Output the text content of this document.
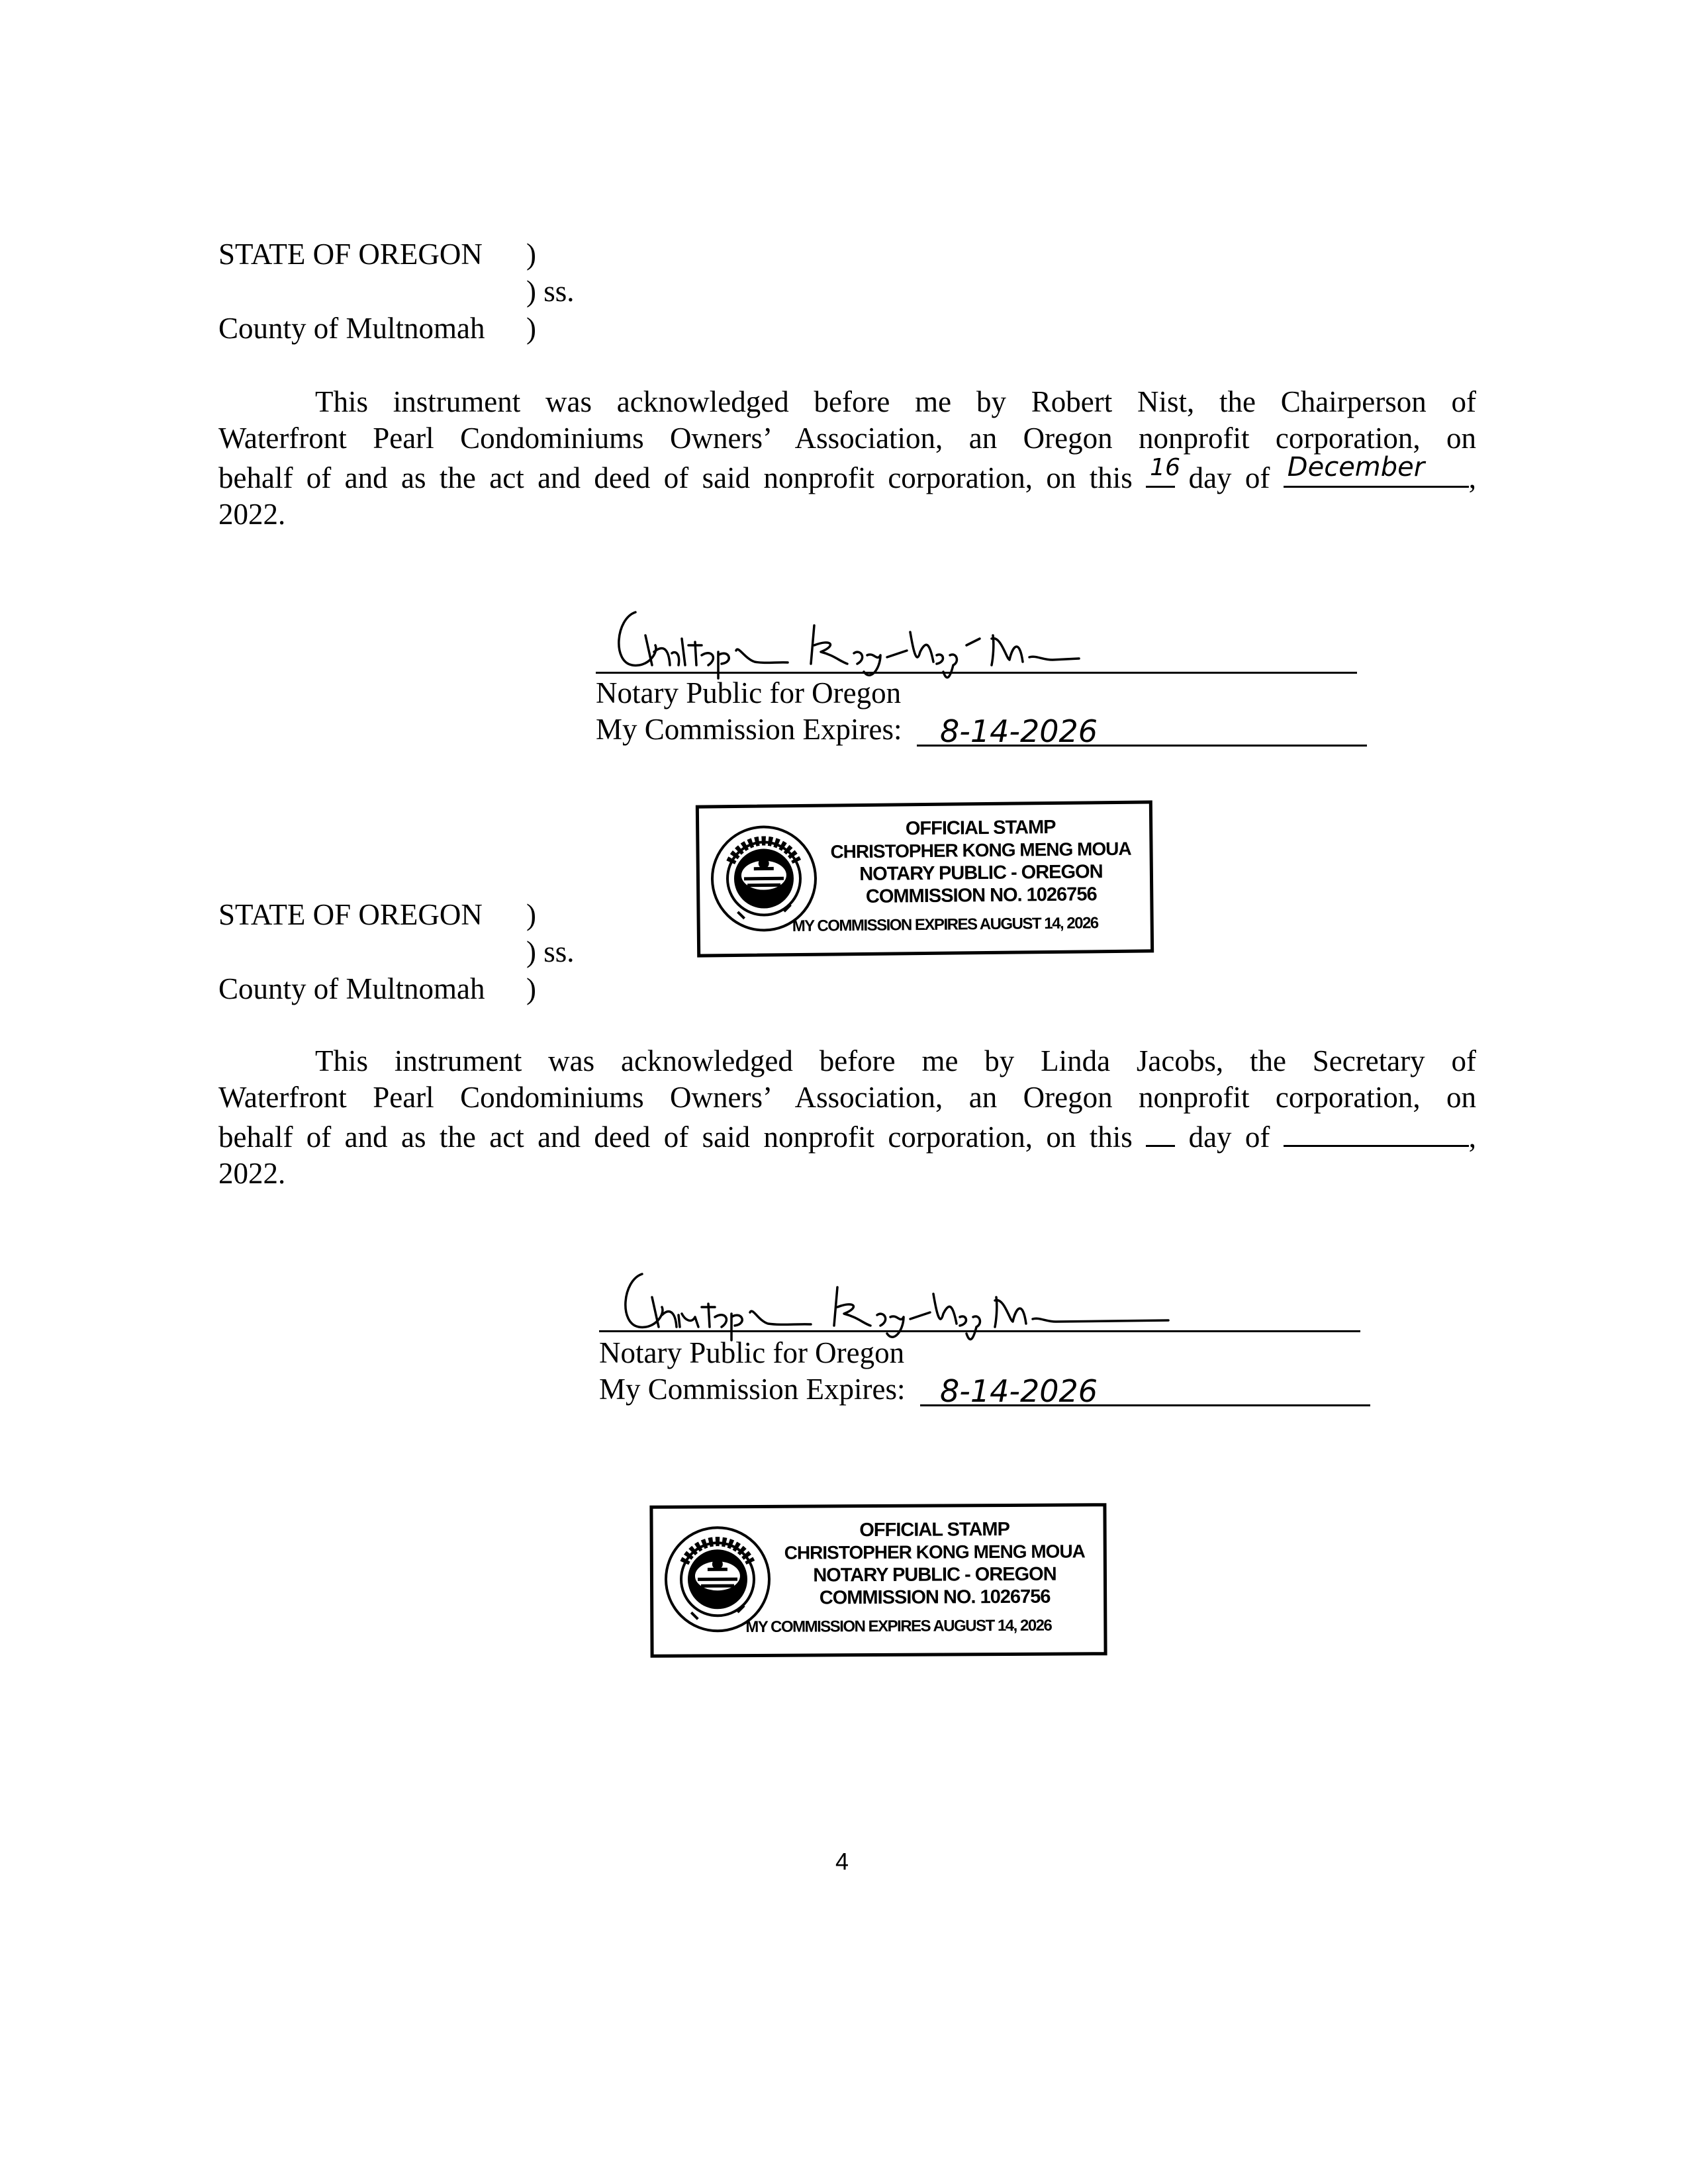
STATE OF OREGON )
) ss.
County of Multnomah )
This instrument was acknowledged before me by Robert Nist, the Chairperson of
Waterfront Pearl Condominiums Owners’ Association, an Oregon nonprofit corporation, on
behalf of and as the act and deed of said nonprofit corporation, on this 16 day of December ,
2022.
Notary Public for Oregon
My Commission Expires: 8-14-2026
OFFICIAL STAMP
CHRISTOPHER KONG MENG MOUA
NOTARY PUBLIC - OREGON
COMMISSION NO. 1026756
MY COMMISSION EXPIRES AUGUST 14, 2026
STATE OF OREGON )
) ss.
County of Multnomah )
This instrument was acknowledged before me by Linda Jacobs, the Secretary of
Waterfront Pearl Condominiums Owners’ Association, an Oregon nonprofit corporation, on
behalf of and as the act and deed of said nonprofit corporation, on this day of	,
2022.
Notary Public for Oregon
My Commission Expires: 8-14-2026
OFFICIAL STAMP
CHRISTOPHER KONG MENG MOUA
NOTARY PUBLIC - OREGON
COMMISSION NO. 1026756
MY COMMISSION EXPIRES AUGUST 14, 2026
4
